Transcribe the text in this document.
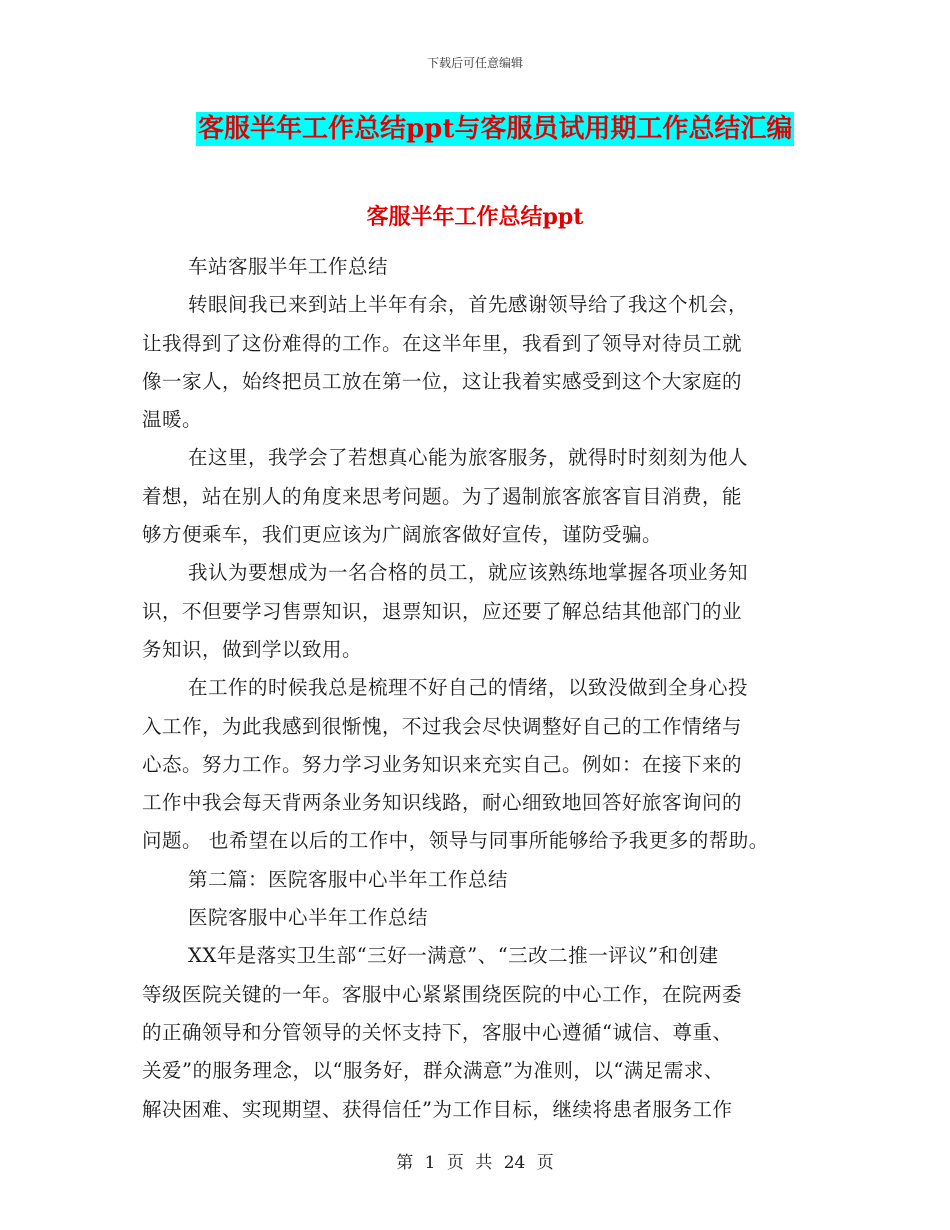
下载后可任意编辑
客服半年工作总结ppt与客服员试用期工作总结汇编
客服半年工作总结ppt
车站客服半年工作总结
转眼间我已来到站上半年有余，首先感谢领导给了我这个机会，
让我得到了这份难得的工作。在这半年里，我看到了领导对待员工就
像一家人，始终把员工放在第一位，这让我着实感受到这个大家庭的
温暖。
在这里，我学会了若想真心能为旅客服务，就得时时刻刻为他人
着想，站在别人的角度来思考问题。为了遏制旅客旅客盲目消费，能
够方便乘车，我们更应该为广阔旅客做好宣传，谨防受骗。
我认为要想成为一名合格的员工，就应该熟练地掌握各项业务知
识，不但要学习售票知识，退票知识，应还要了解总结其他部门的业
务知识，做到学以致用。
在工作的时候我总是梳理不好自己的情绪，以致没做到全身心投
入工作，为此我感到很惭愧，不过我会尽快调整好自己的工作情绪与
心态。努力工作。努力学习业务知识来充实自己。例如：在接下来的
工作中我会每天背两条业务知识线路，耐心细致地回答好旅客询问的
问题。 也希望在以后的工作中，领导与同事所能够给予我更多的帮助。
第二篇：医院客服中心半年工作总结
医院客服中心半年工作总结
XX年是落实卫生部“三好一满意”、“三改二推一评议”和创建
等级医院关键的一年。客服中心紧紧围绕医院的中心工作，在院两委
的正确领导和分管领导的关怀支持下，客服中心遵循“诚信、尊重、
关爱”的服务理念，以“服务好，群众满意”为准则，以“满足需求、
解决困难、实现期望、获得信任”为工作目标，继续将患者服务工作
第 1 页 共 24 页
